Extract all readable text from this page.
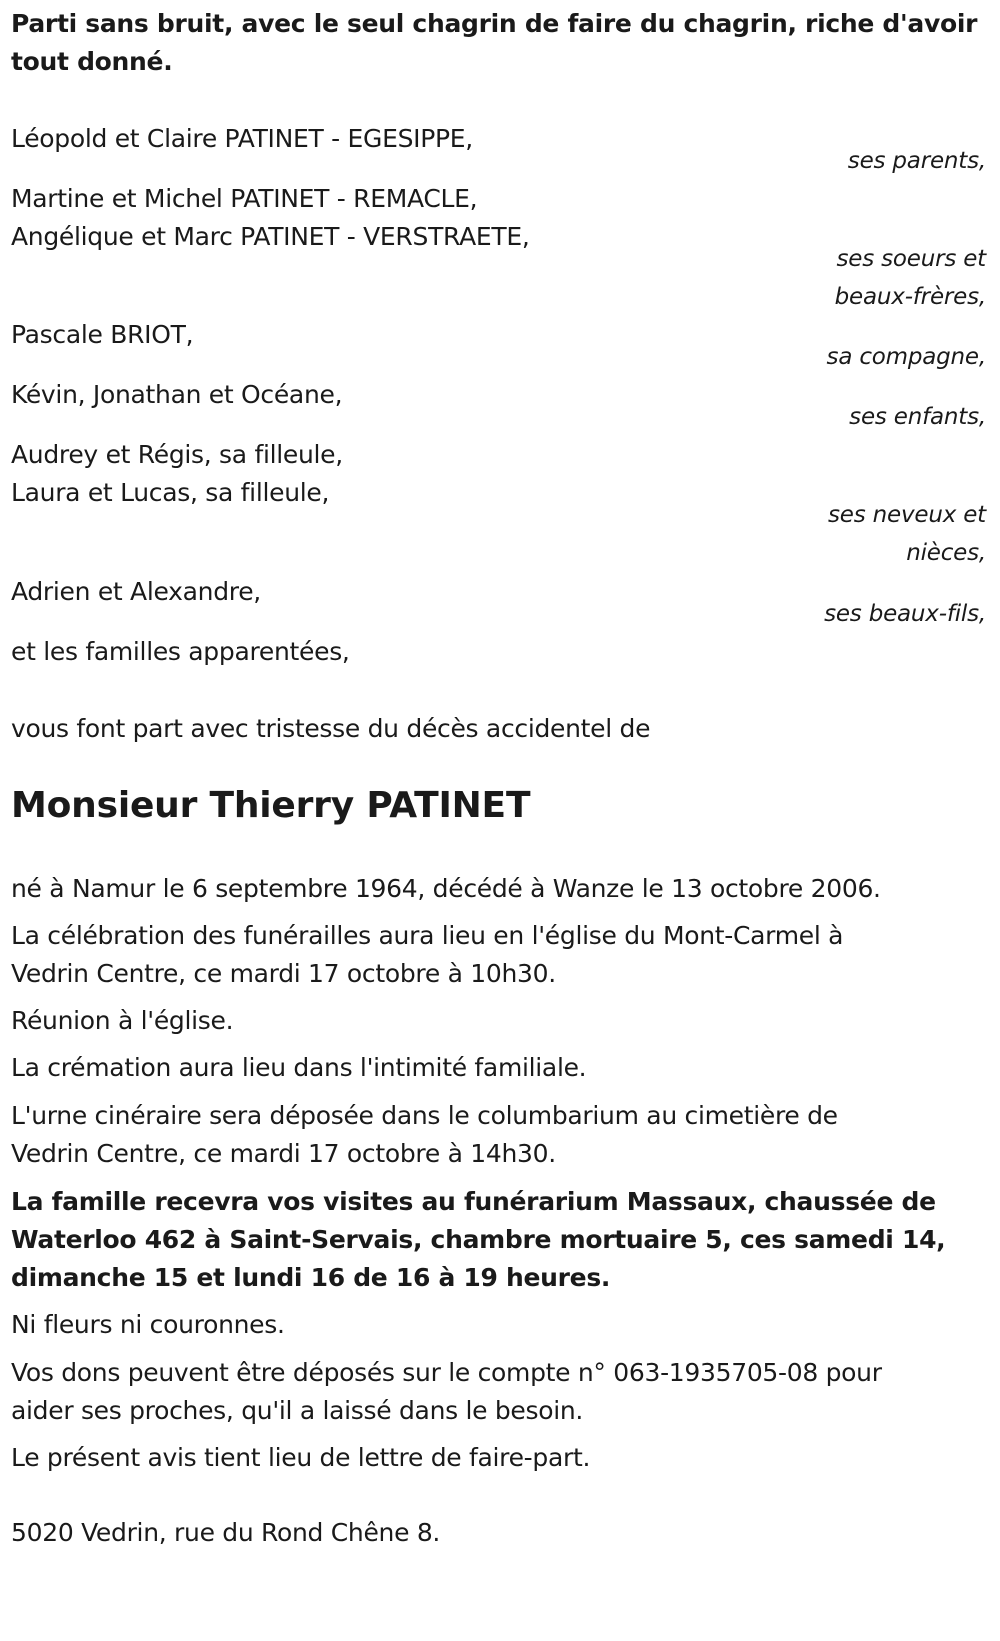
Parti sans bruit, avec le seul chagrin de faire du chagrin, riche d'avoir
tout donné.
Léopold et Claire PATINET - EGESIPPE,
ses parents,
Martine et Michel PATINET - REMACLE,
Angélique et Marc PATINET - VERSTRAETE,
ses soeurs et
beaux-frères,
Pascale BRIOT,
sa compagne,
Kévin, Jonathan et Océane,
ses enfants,
Audrey et Régis, sa filleule,
Laura et Lucas, sa filleule,
ses neveux et
nièces,
Adrien et Alexandre,
ses beaux-fils,
et les familles apparentées,
vous font part avec tristesse du décès accidentel de
Monsieur Thierry PATINET
né à Namur le 6 septembre 1964, décédé à Wanze le 13 octobre 2006.
La célébration des funérailles aura lieu en l'église du Mont-Carmel à
Vedrin Centre, ce mardi 17 octobre à 10h30.
Réunion à l'église.
La crémation aura lieu dans l'intimité familiale.
L'urne cinéraire sera déposée dans le columbarium au cimetière de
Vedrin Centre, ce mardi 17 octobre à 14h30.
La famille recevra vos visites au funérarium Massaux, chaussée de
Waterloo 462 à Saint-Servais, chambre mortuaire 5, ces samedi 14,
dimanche 15 et lundi 16 de 16 à 19 heures.
Ni fleurs ni couronnes.
Vos dons peuvent être déposés sur le compte n° 063-1935705-08 pour
aider ses proches, qu'il a laissé dans le besoin.
Le présent avis tient lieu de lettre de faire-part.
5020 Vedrin, rue du Rond Chêne 8.
